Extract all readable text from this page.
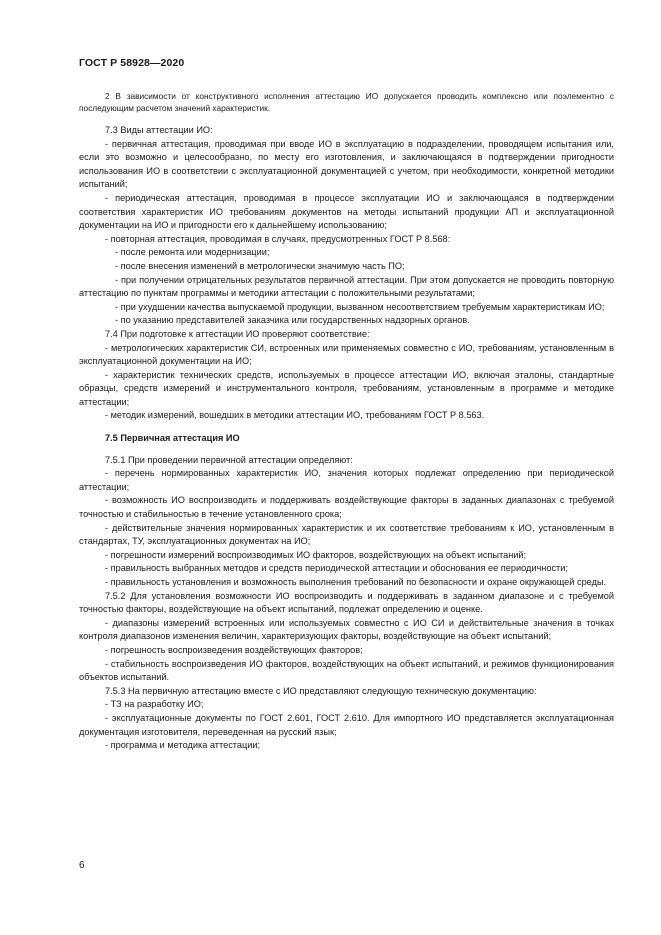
ГОСТ Р 58928—2020

2 В зависимости от конструктивного исполнения аттестацию ИО допускается проводить комплексно или поэлементно с последующим расчетом значений характеристик.

7.3 Виды аттестации ИО:

- первичная аттестация, проводимая при вводе ИО в эксплуатацию в подразделении, проводящем испытания или, если это возможно и целесообразно, по месту его изготовления, и заключающаяся в подтверждении пригодности использования ИО в соответствии с эксплуатационной документацией с учетом, при необходимости, конкретной методики испытаний;

- периодическая аттестация, проводимая в процессе эксплуатации ИО и заключающаяся в подтверждении соответствия характеристик ИО требованиям документов на методы испытаний продукции АП и эксплуатационной документации на ИО и пригодности его к дальнейшему использованию;

- повторная аттестация, проводимая в случаях, предусмотренных ГОСТ Р 8.568:

- после ремонта или модернизации;

- после внесения изменений в метрологически значимую часть ПО;

- при получении отрицательных результатов первичной аттестации. При этом допускается не проводить повторную аттестацию по пунктам программы и методики аттестации с положительными результатами;

- при ухудшении качества выпускаемой продукции, вызванном несоответствием требуемым характеристикам ИО;

- по указанию представителей заказчика или государственных надзорных органов.

7.4 При подготовке к аттестации ИО проверяют соответствие:

- метрологических характеристик СИ, встроенных или применяемых совместно с ИО, требованиям, установленным в эксплуатационной документации на ИО;

- характеристик технических средств, используемых в процессе аттестации ИО, включая эталоны, стандартные образцы, средств измерений и инструментального контроля, требованиям, установленным в программе и методике аттестации;

- методик измерений, вошедших в методики аттестации ИО, требованиям ГОСТ Р 8.563.

7.5 Первичная аттестация ИО

7.5.1 При проведении первичной аттестации определяют:

- перечень нормированных характеристик ИО, значения которых подлежат определению при периодической аттестации;

- возможность ИО воспроизводить и поддерживать воздействующие факторы в заданных диапазонах с требуемой точностью и стабильностью в течение установленного срока;

- действительные значения нормированных характеристик и их соответствие требованиям к ИО, установленным в стандартах, ТУ, эксплуатационных документах на ИО;

- погрешности измерений воспроизводимых ИО факторов, воздействующих на объект испытаний;

- правильность выбранных методов и средств периодической аттестации и обоснования ее периодичности;

- правильность установления и возможность выполнения требований по безопасности и охране окружающей среды.

7.5.2 Для установления возможности ИО воспроизводить и поддерживать в заданном диапазоне и с требуемой точностью факторы, воздействующие на объект испытаний, подлежат определению и оценке.

- диапазоны измерений встроенных или используемых совместно с ИО СИ и действительные значения в точках контроля диапазонов изменения величин, характеризующих факторы, воздействующие на объект испытаний;

- погрешность воспроизведения воздействующих факторов;

- стабильность воспроизведения ИО факторов, воздействующих на объект испытаний, и режимов функционирования объектов испытаний.

7.5.3 На первичную аттестацию вместе с ИО представляют следующую техническую документацию:

- ТЗ на разработку ИО;

- эксплуатационные документы по ГОСТ 2.601, ГОСТ 2.610. Для импортного ИО представляется эксплуатационная документация изготовителя, переведенная на русский язык;

- программа и методика аттестации;

6
